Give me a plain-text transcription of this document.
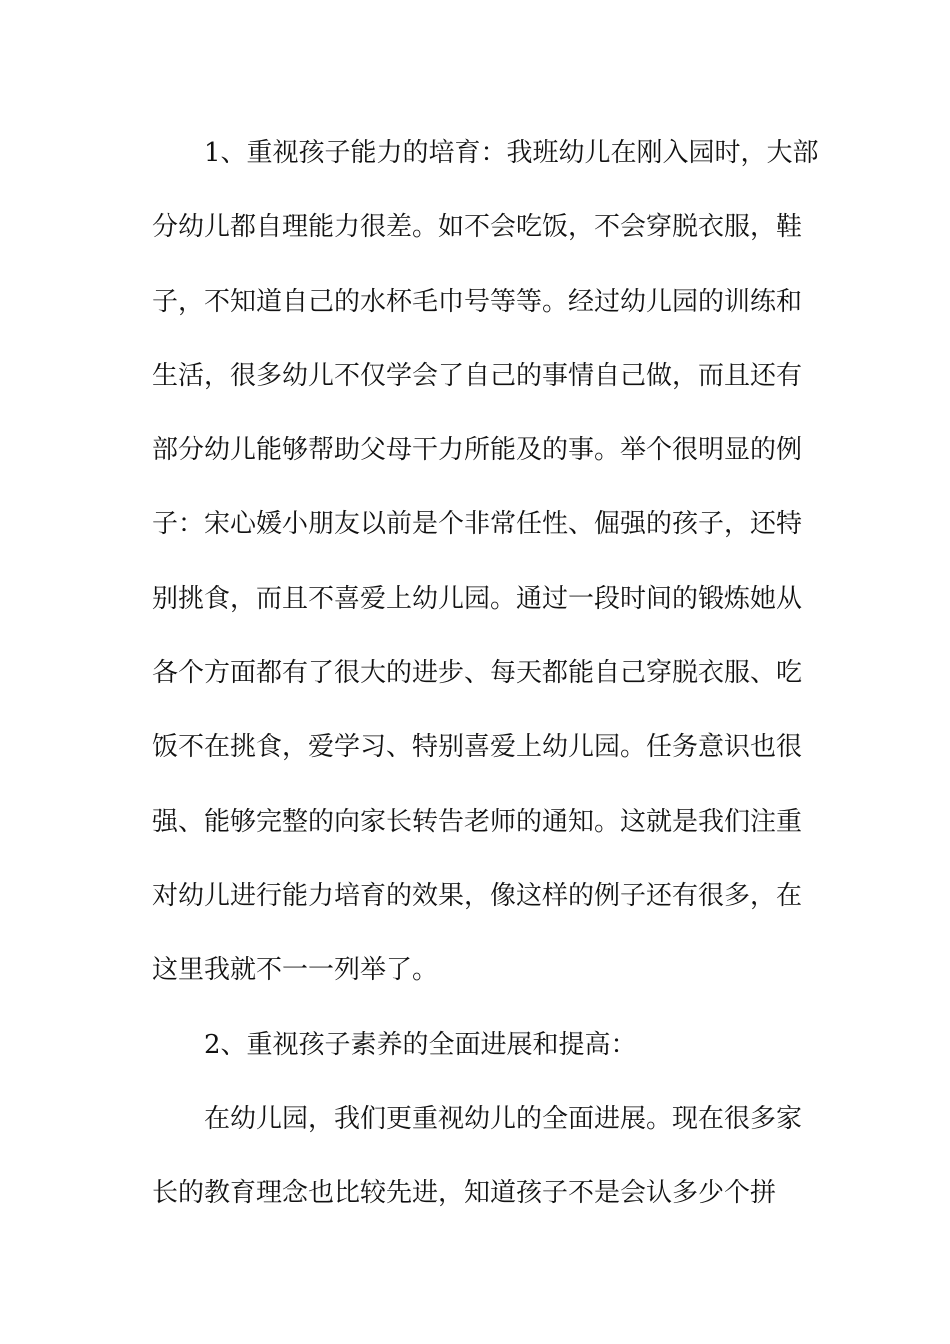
1、重视孩子能力的培育：我班幼儿在刚入园时，大部
分幼儿都自理能力很差。如不会吃饭，不会穿脱衣服，鞋
子，不知道自己的水杯毛巾号等等。经过幼儿园的训练和
生活，很多幼儿不仅学会了自己的事情自己做，而且还有
部分幼儿能够帮助父母干力所能及的事。举个很明显的例
子：宋心媛小朋友以前是个非常任性、倔强的孩子，还特
别挑食，而且不喜爱上幼儿园。通过一段时间的锻炼她从
各个方面都有了很大的进步、每天都能自己穿脱衣服、吃
饭不在挑食，爱学习、特别喜爱上幼儿园。任务意识也很
强、能够完整的向家长转告老师的通知。这就是我们注重
对幼儿进行能力培育的效果，像这样的例子还有很多，在
这里我就不一一列举了。
2、重视孩子素养的全面进展和提高：
在幼儿园，我们更重视幼儿的全面进展。现在很多家
长的教育理念也比较先进，知道孩子不是会认多少个拼
